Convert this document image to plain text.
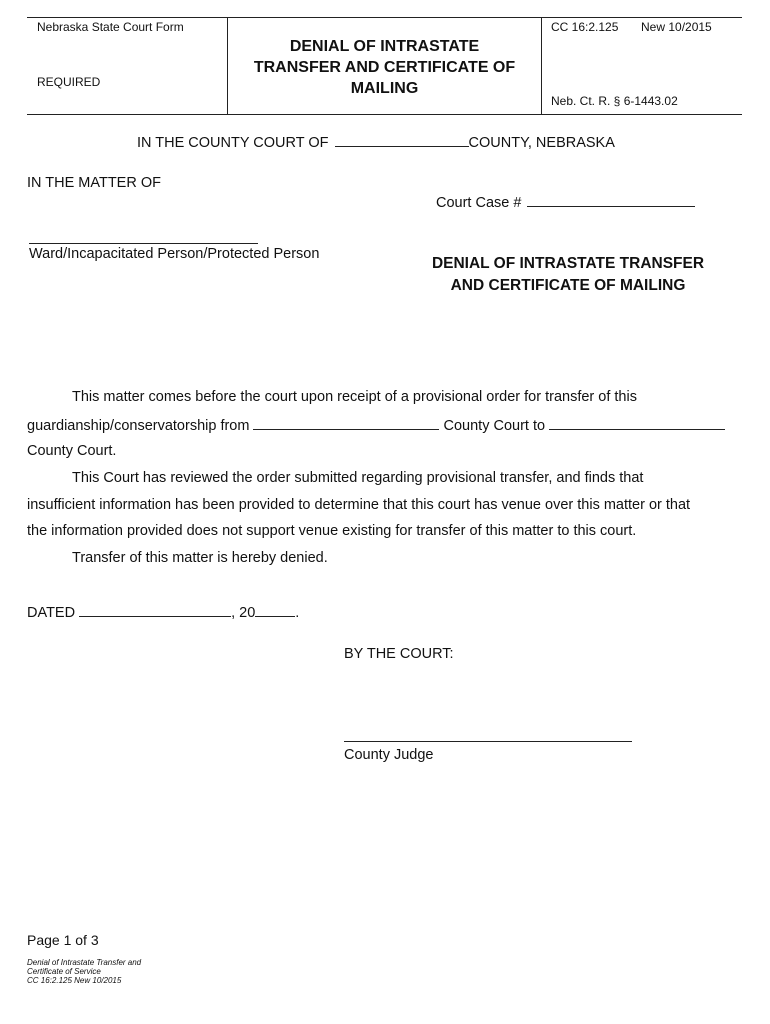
Nebraska State Court Form
REQUIRED
DENIAL OF INTRASTATE
TRANSFER AND CERTIFICATE OF
MAILING
CC 16:2.125 New 10/2015
Neb. Ct. R. § 6-1443.02
IN THE COUNTY COURT OF	COUNTY, NEBRASKA
IN THE MATTER OF
Court Case #
Ward/Incapacitated Person/Protected Person
DENIAL OF INTRASTATE TRANSFER
AND CERTIFICATE OF MAILING
This matter comes before the court upon receipt of a provisional order for transfer of this
guardianship/conservatorship from	County Court to
County Court.
This Court has reviewed the order submitted regarding provisional transfer, and finds that
insufficient information has been provided to determine that this court has venue over this matter or that
the information provided does not support venue existing for transfer of this matter to this court.
Transfer of this matter is hereby denied.
DATED	, 20	.
BY THE COURT:
County Judge
Page 1 of 3
Denial of Intrastate Transfer and
Certificate of Service
CC 16:2.125 New 10/2015
